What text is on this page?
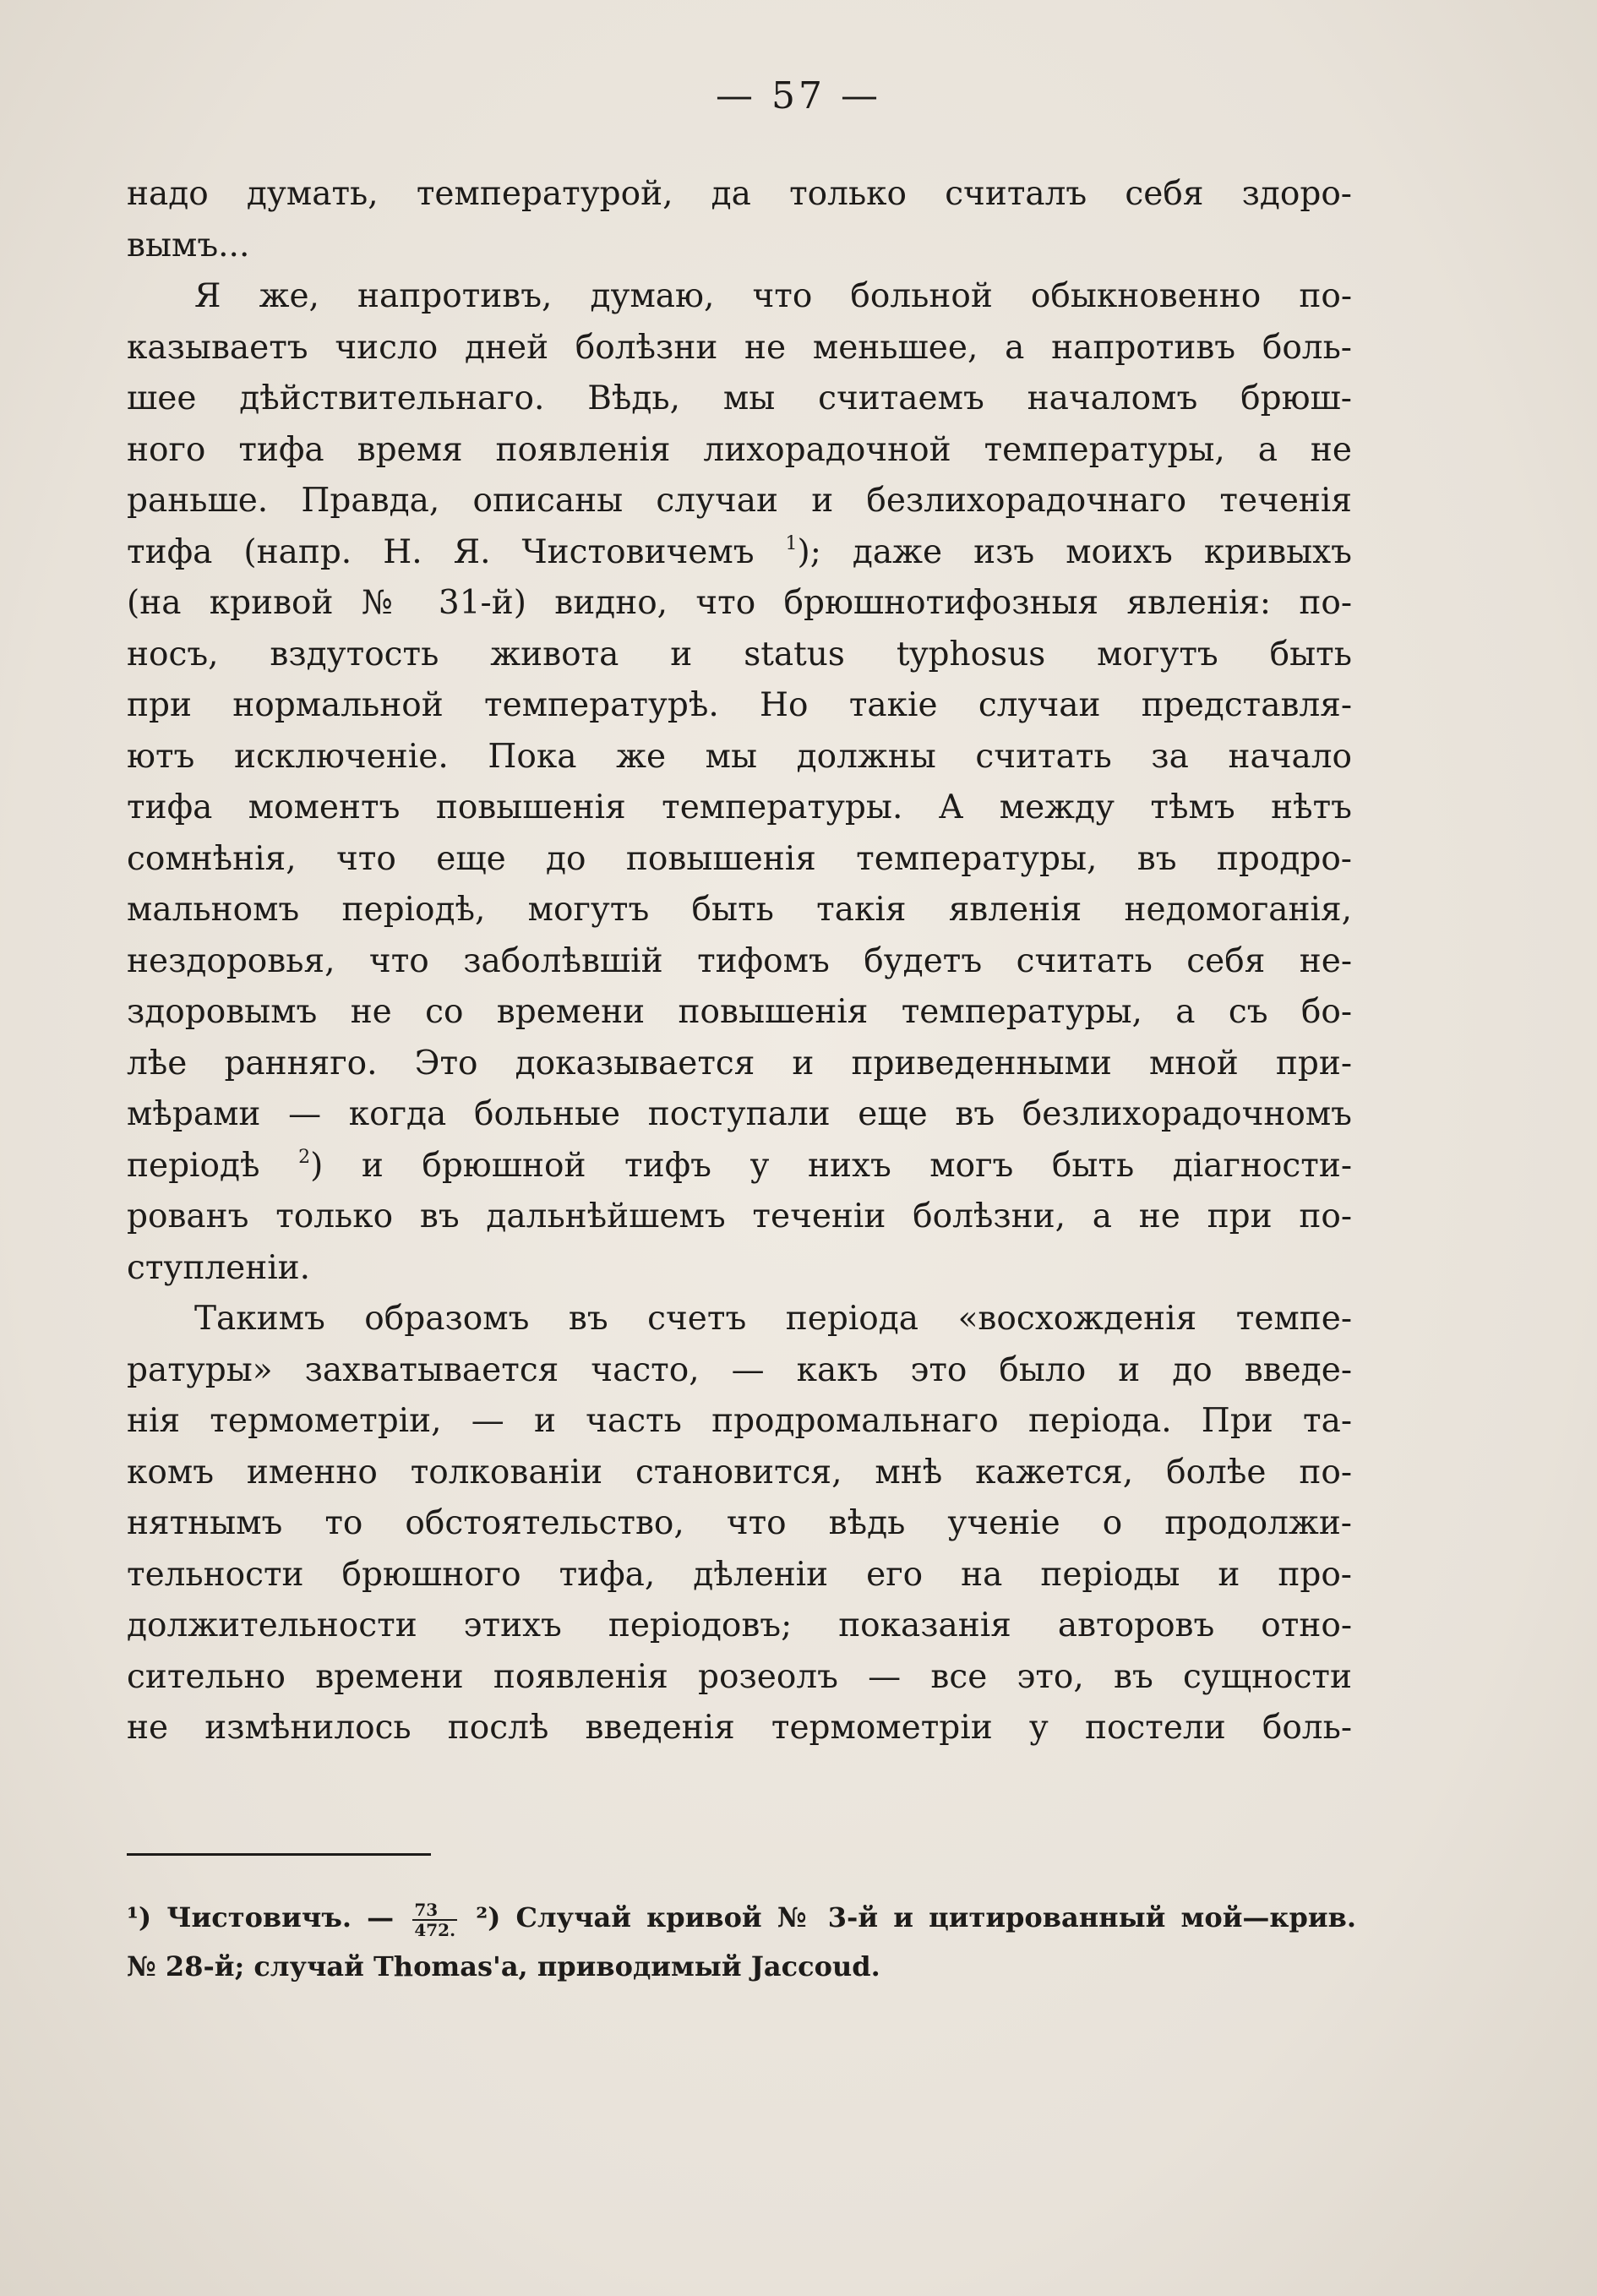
— 57 —
надо думать, температурой, да только считалъ себя здоро-
вымъ...
Я же, напротивъ, думаю, что больной обыкновенно по-
казываетъ число дней болѣзни не меньшее, а напротивъ боль-
шее дѣйствительнаго. Вѣдь, мы считаемъ началомъ брюш-
ного тифа время появленія лихорадочной температуры, а не
раньше. Правда, описаны случаи и безлихорадочнаго теченія
тифа (напр. Н. Я. Чистовичемъ $^1$); даже изъ моихъ кривыхъ
(на кривой № 31-й) видно, что брюшнотифозныя явленія: по-
носъ, вздутость живота и status typhosus могутъ быть
при нормальной температурѣ. Но такіе случаи представля-
ютъ исключеніе. Пока же мы должны считать за начало
тифа моментъ повышенія температуры. А между тѣмъ нѣтъ
сомнѣнія, что еще до повышенія температуры, въ продро-
мальномъ періодѣ, могутъ быть такія явленія недомоганія,
нездоровья, что заболѣвшій тифомъ будетъ считать себя не-
здоровымъ не со времени повышенія температуры, а съ бо-
лѣе ранняго. Это доказывается и приведенными мной при-
мѣрами — когда больные поступали еще въ безлихорадочномъ
періодѣ $^2$) и брюшной тифъ у нихъ могъ быть діагности-
рованъ только въ дальнѣйшемъ теченіи болѣзни, а не при по-
ступленіи.
Такимъ образомъ въ счетъ періода «восхожденія темпе-
ратуры» захватывается часто, — какъ это было и до введе-
нія термометріи, — и часть продромальнаго періода. При та-
комъ именно толкованіи становится, мнѣ кажется, болѣе по-
нятнымъ то обстоятельство, что вѣдь ученіе о продолжи-
тельности брюшного тифа, дѣленіи его на періоды и про-
должительности этихъ періодовъ; показанія авторовъ отно-
сительно времени появленія розеолъ — все это, въ сущности
не измѣнилось послѣ введенія термометріи у постели боль-
¹) Чистовичъ. — $\frac{73}{472.} ^2$) Случай кривой № 3-й и цитированный мой—крив.
№ 28-й; случай Thomas'a, приводимый Jaccoud.
